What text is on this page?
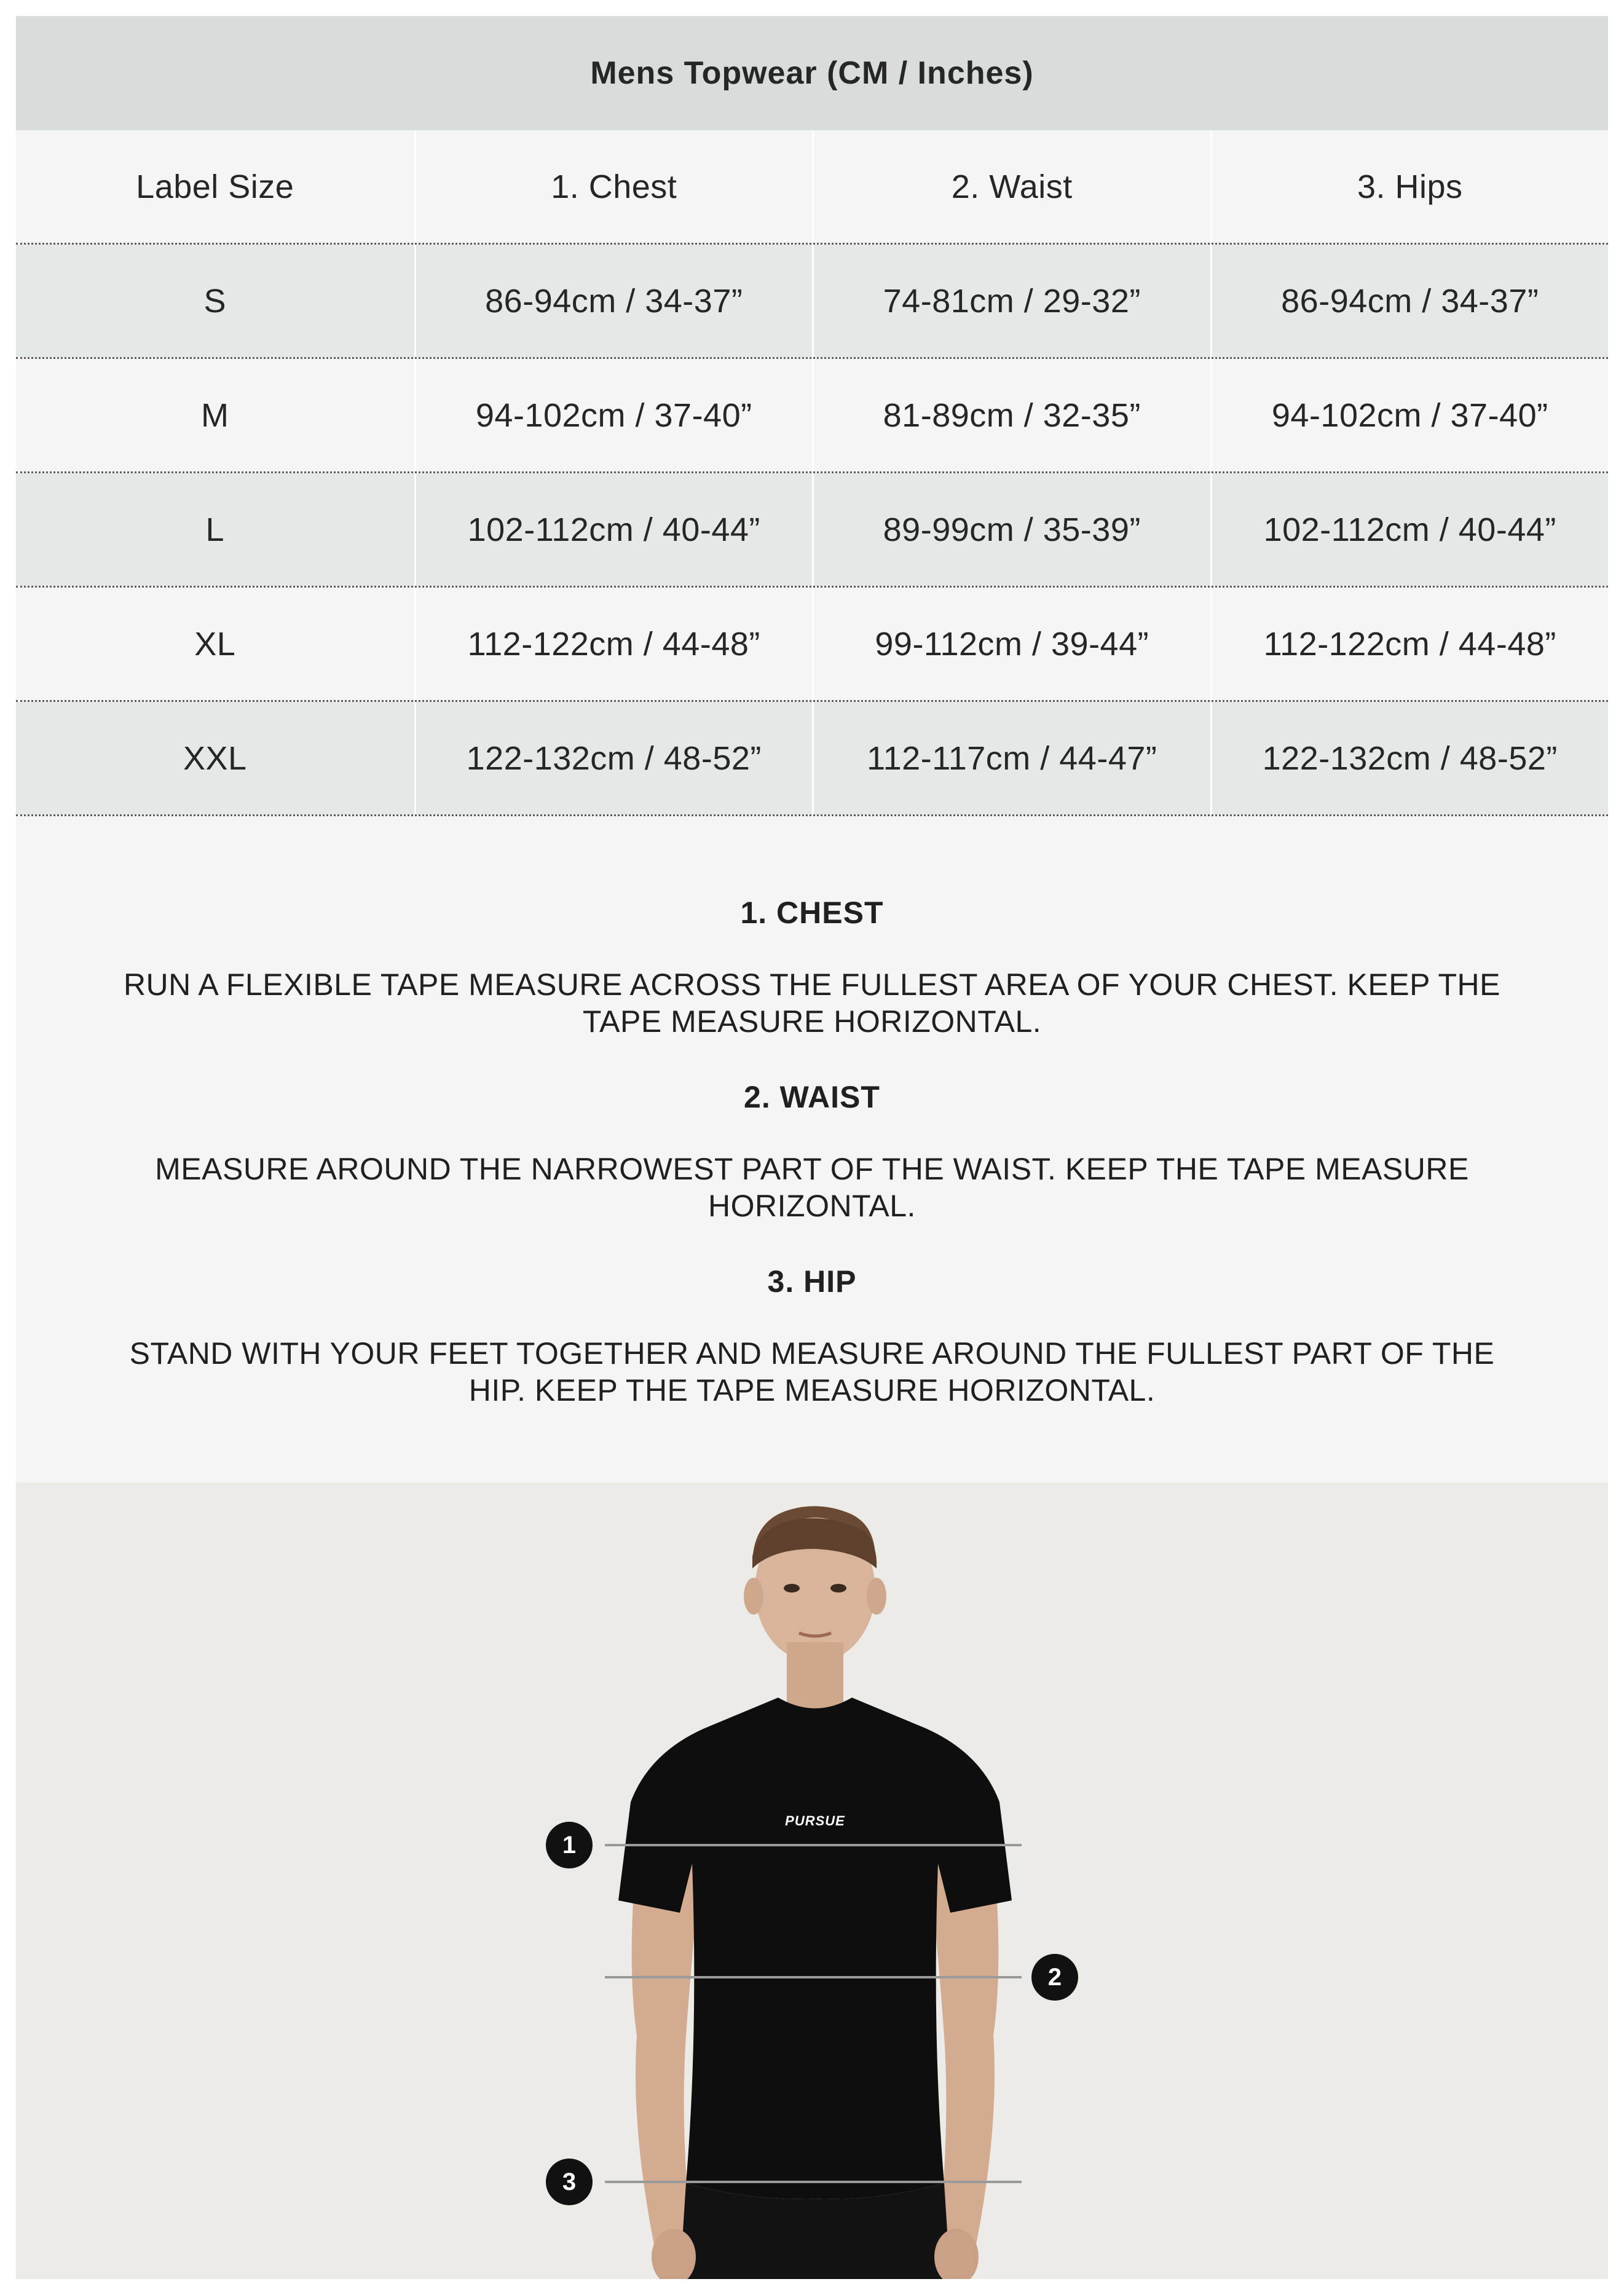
Mens Topwear (CM / Inches)
Label Size	1. Chest	2. Waist	3. Hips
S	86-94cm / 34-37”	74-81cm / 29-32”	86-94cm / 34-37”
M	94-102cm / 37-40”	81-89cm / 32-35”	94-102cm / 37-40”
L	102-112cm / 40-44”	89-99cm / 35-39”	102-112cm / 40-44”
XL	112-122cm / 44-48”	99-112cm / 39-44”	112-122cm / 44-48”
XXL	122-132cm / 48-52”	112-117cm / 44-47”	122-132cm / 48-52”
1. CHEST
RUN A FLEXIBLE TAPE MEASURE ACROSS THE FULLEST AREA OF YOUR CHEST. KEEP THE TAPE MEASURE HORIZONTAL.
2. WAIST
MEASURE AROUND THE NARROWEST PART OF THE WAIST. KEEP THE TAPE MEASURE HORIZONTAL.
3. HIP
STAND WITH YOUR FEET TOGETHER AND MEASURE AROUND THE FULLEST PART OF THE HIP. KEEP THE TAPE MEASURE HORIZONTAL.
PURSUE
1
2
3
